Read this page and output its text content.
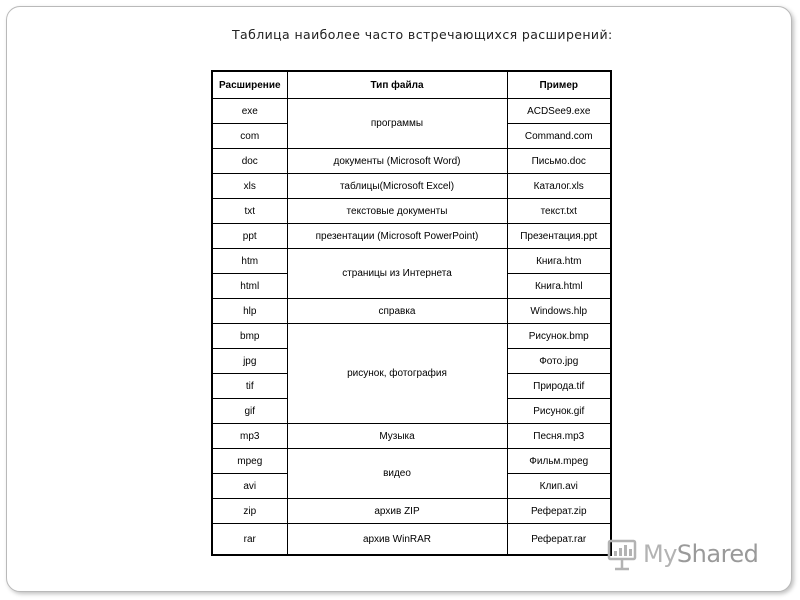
Таблица наиболее часто встречающихся расширений:
Расширение	Тип файла	Пример
exe	программы	ACDSee9.exe
com		Command.com
doc	документы (Microsoft Word)	Письмо.doc
xls	таблицы(Microsoft Excel)	Каталог.xls
txt	текстовые документы	текст.txt
ppt	презентации (Microsoft PowerPoint)	Презентация.ppt
htm	страницы из Интернета	Книга.htm
html		Книга.html
hlp	справка	Windows.hlp
bmp	рисунок, фотография	Рисунок.bmp
jpg		Фото.jpg
tif		Природа.tif
gif		Рисунок.gif
mp3	Музыка	Песня.mp3
mpeg	видео	Фильм.mpeg
avi		Клип.avi
zip	архив ZIP	Реферат.zip
rar	архив WinRAR	Реферат.rar
MyShared
